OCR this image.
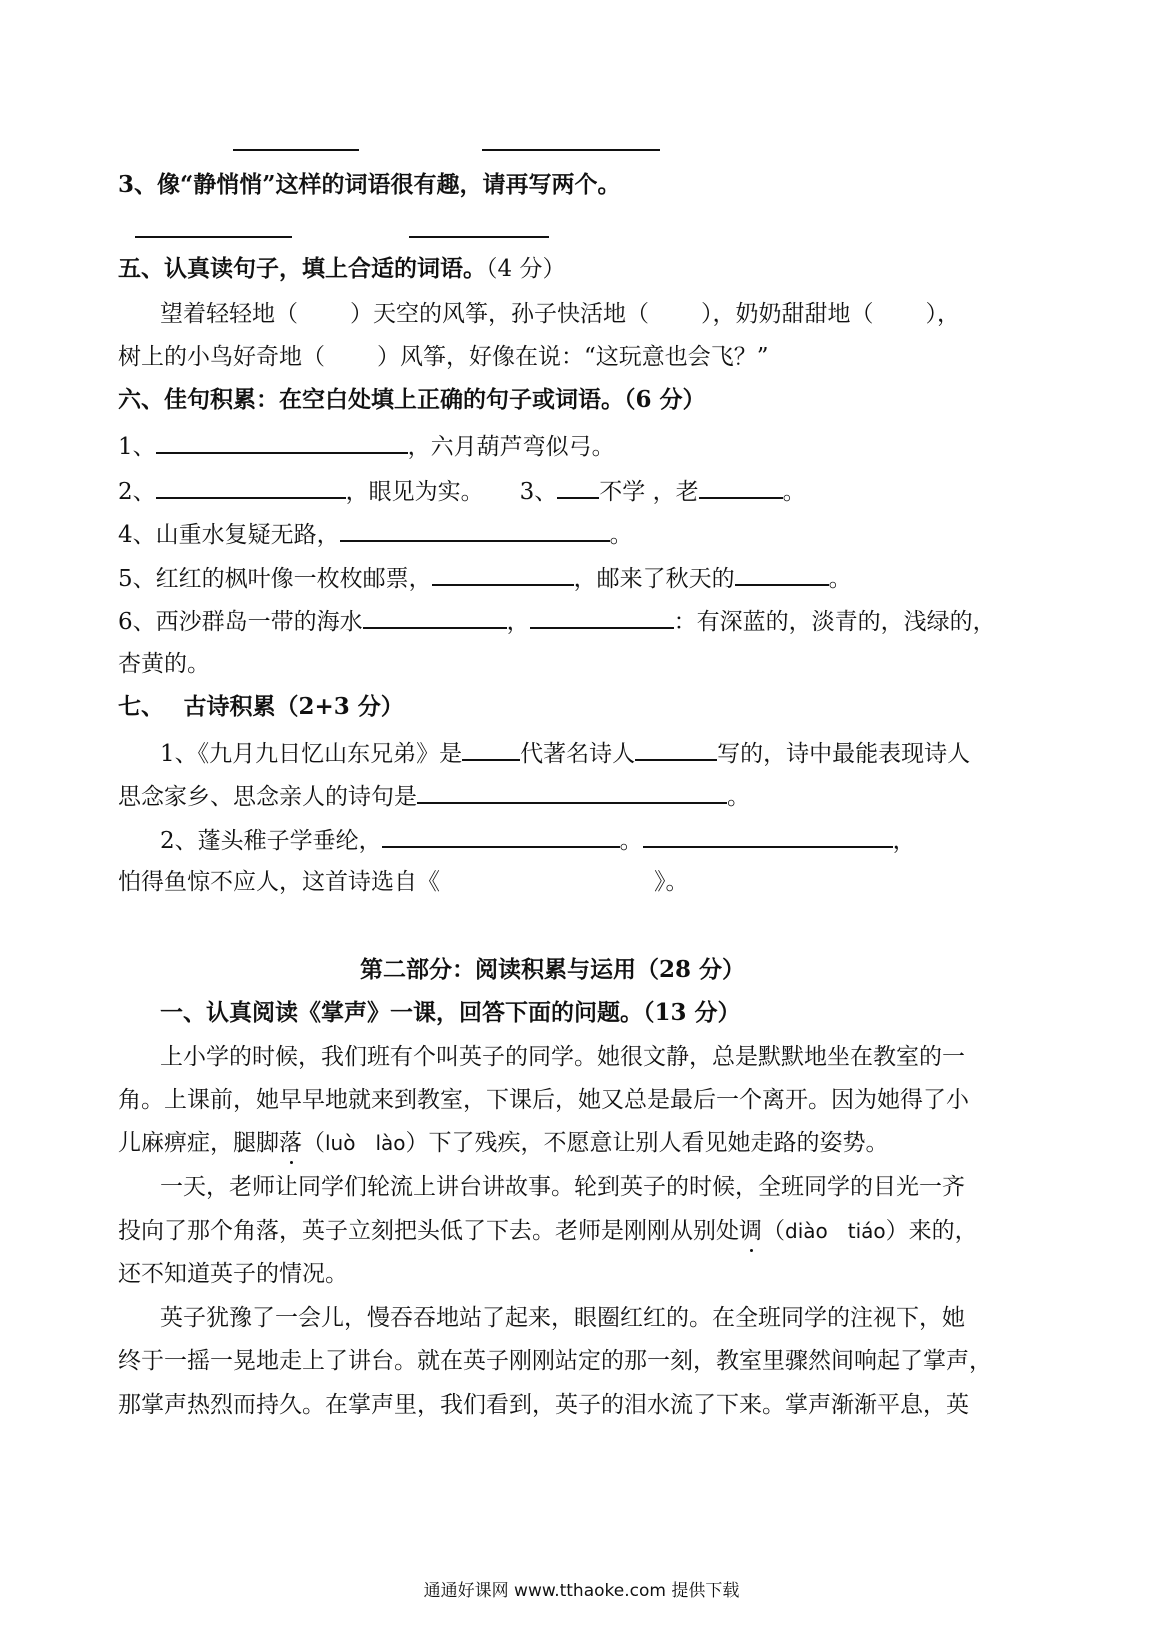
3、像“静悄悄”这样的词语很有趣，请再写两个。
五、认真读句子，填上合适的词语。（4 分）
望着轻轻地（ ）天空的风筝，孙子快活地（ ），奶奶甜甜地（ ），
树上的小鸟好奇地（ ）风筝，好像在说：“这玩意也会飞？”
六、佳句积累：在空白处填上正确的句子或词语。（6 分）
1、	，六月葫芦弯似弓。
2、	，眼见为实。 3、 不学 ，老	。
4、山重水复疑无路，	。
5、红红的枫叶像一枚枚邮票，	，邮来了秋天的	。
6、西沙群岛一带的海水	，	：有深蓝的，淡青的，浅绿的，
杏黄的。
七、　 古诗积累（2+3 分）
1、《九月九日忆山东兄弟》是	代著名诗人	写的，诗中最能表现诗人
思念家乡、思念亲人的诗句是	。
2、蓬头稚子学垂纶，	。	，
怕得鱼惊不应人，这首诗选自《	》。
第二部分：阅读积累与运用（28 分）
一、认真阅读《掌声》一课，回答下面的问题。（13 分）
上小学的时候，我们班有个叫英子的同学。她很文静，总是默默地坐在教室的一
角。上课前，她早早地就来到教室，下课后，她又总是最后一个离开。因为她得了小
儿麻痹症，腿脚落（luò　lào）下了残疾，不愿意让别人看见她走路的姿势。
一天，老师让同学们轮流上讲台讲故事。轮到英子的时候，全班同学的目光一齐
投向了那个角落，英子立刻把头低了下去。老师是刚刚从别处调（diào　tiáo）来的，
还不知道英子的情况。
英子犹豫了一会儿，慢吞吞地站了起来，眼圈红红的。在全班同学的注视下，她
终于一摇一晃地走上了讲台。就在英子刚刚站定的那一刻，教室里骤然间响起了掌声，
那掌声热烈而持久。在掌声里，我们看到，英子的泪水流了下来。掌声渐渐平息，英
通通好课网 www.tthaoke.com 提供下载
